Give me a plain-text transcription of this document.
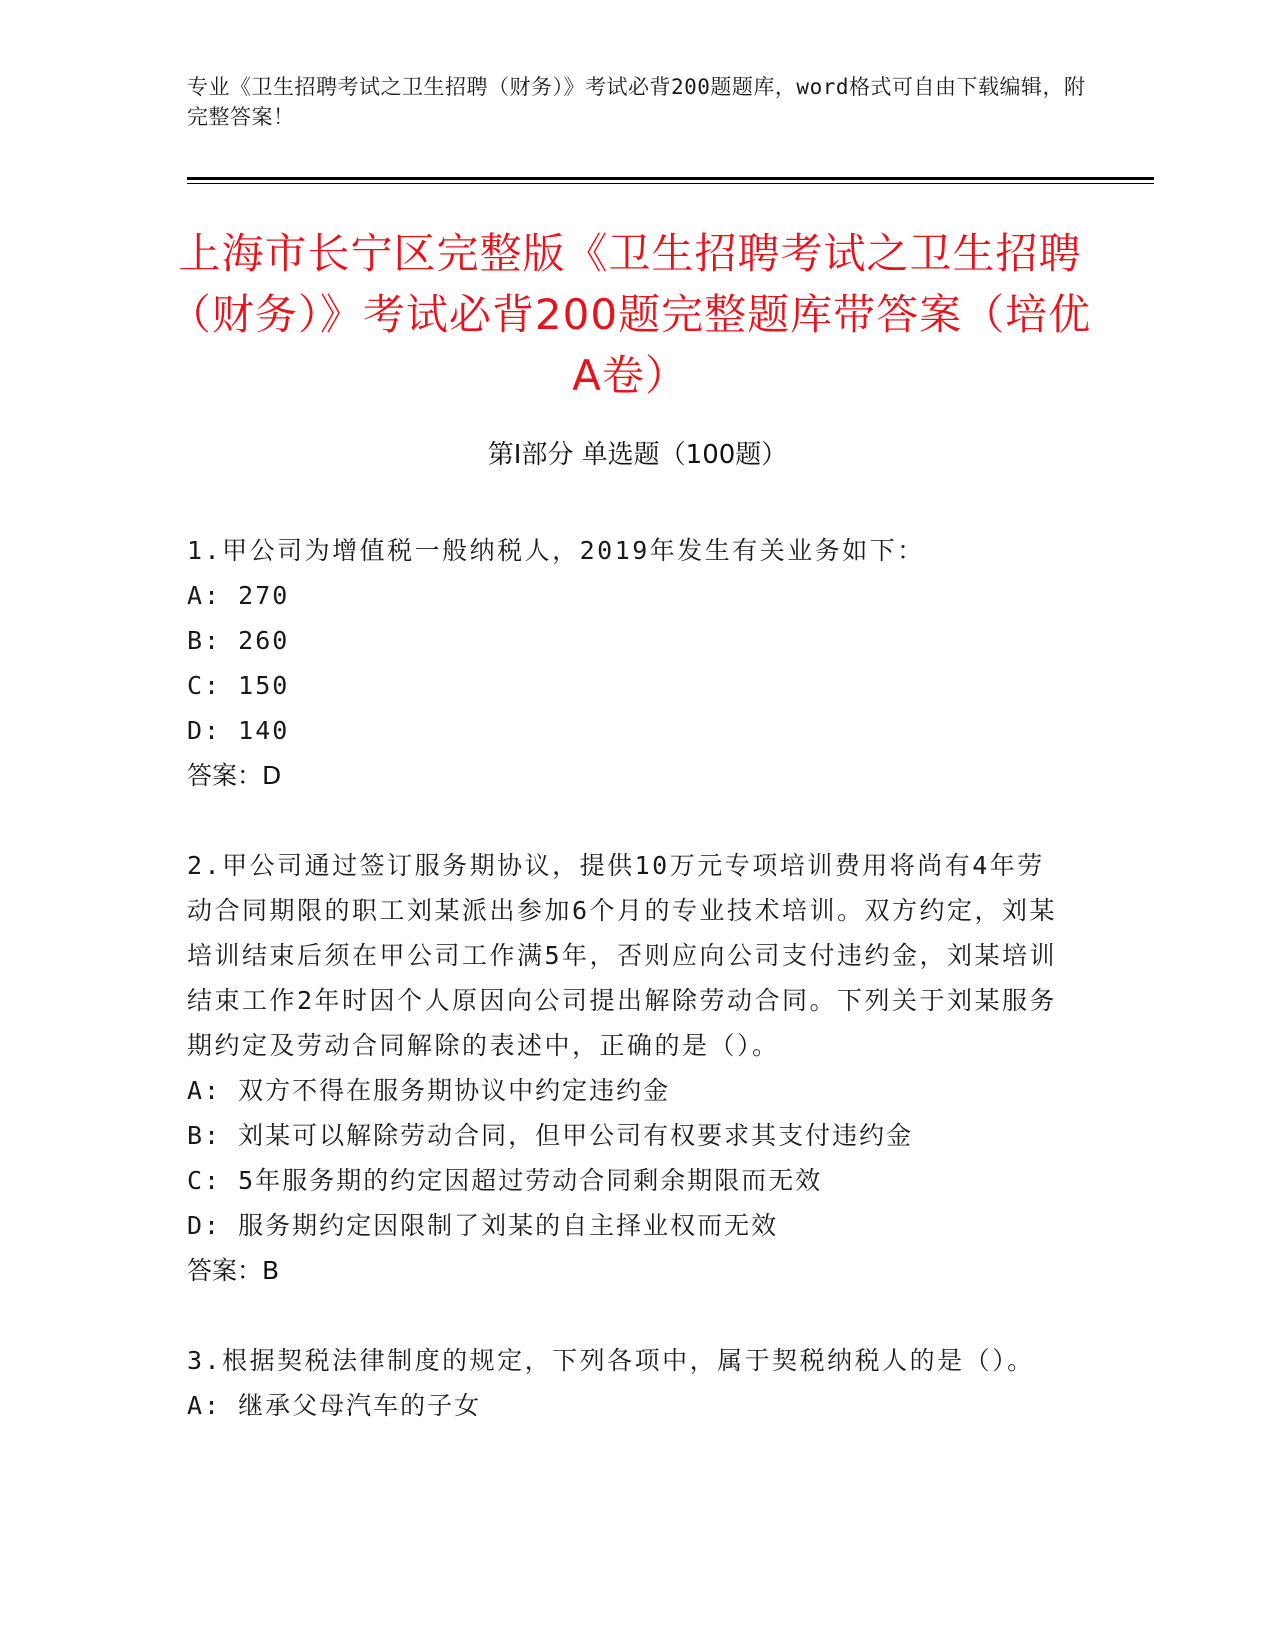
专业《卫生招聘考试之卫生招聘（财务）》考试必背200题题库，word格式可自由下载编辑，附完整答案！
上海市长宁区完整版《卫生招聘考试之卫生招聘（财务）》考试必背200题完整题库带答案（培优A卷）
第I部分 单选题（100题）
1.甲公司为增值税一般纳税人，2019年发生有关业务如下：
A: 270
B: 260
C: 150
D: 140
答案：D
2.甲公司通过签订服务期协议，提供10万元专项培训费用将尚有4年劳动合同期限的职工刘某派出参加6个月的专业技术培训。双方约定，刘某培训结束后须在甲公司工作满5年，否则应向公司支付违约金，刘某培训结束工作2年时因个人原因向公司提出解除劳动合同。下列关于刘某服务期约定及劳动合同解除的表述中，正确的是（）。
A: 双方不得在服务期协议中约定违约金
B: 刘某可以解除劳动合同，但甲公司有权要求其支付违约金
C: 5年服务期的约定因超过劳动合同剩余期限而无效
D: 服务期约定因限制了刘某的自主择业权而无效
答案：B
3.根据契税法律制度的规定，下列各项中，属于契税纳税人的是（）。
A: 继承父母汽车的子女
